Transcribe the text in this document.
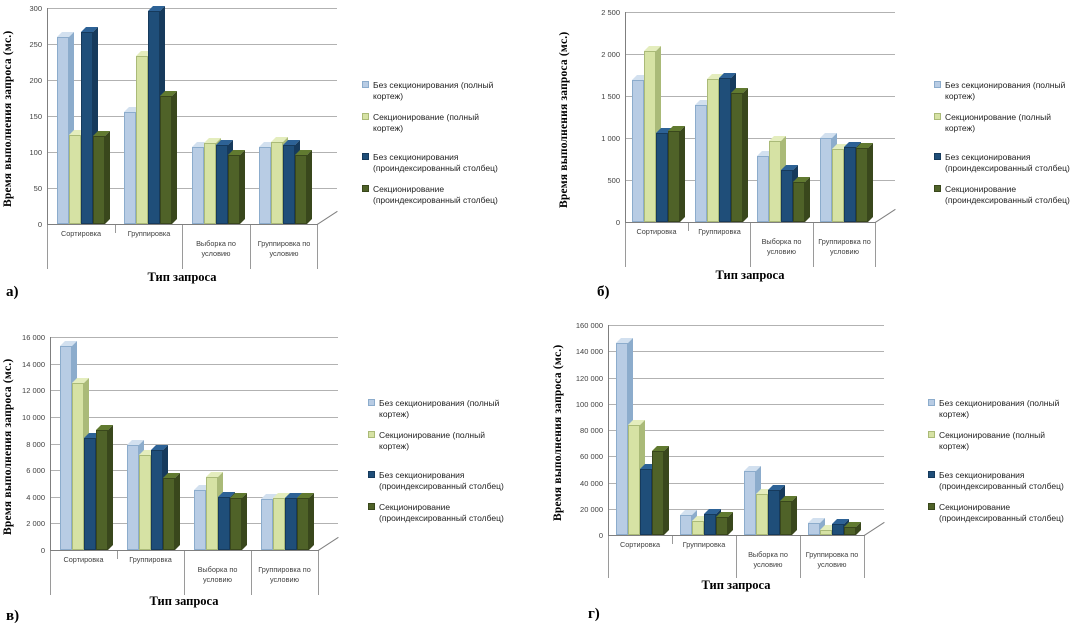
Время выполнения запроса (мс.)
0
50
100
150
200
250
300
Сортировка	Группировка
Выборка по условию
Группировка по условию
Тип запроса
а)
Без секционирования (полный кортеж)
Секционирование (полный кортеж)
Без секционирования (проиндексированный столбец)
Секционирование (проиндексированный столбец)	Время выполнения запроса (мс.)
0
500
1 000
1 500
2 000
2 500
Сортировка	Группировка
Выборка по условию
Группировка по условию
Тип запроса
б)
Без секционирования (полный кортеж)
Секционирование (полный кортеж)
Без секционирования (проиндексированный столбец)
Секционирование (проиндексированный столбец)
Время выполнения запроса (мс.)
0
2 000
4 000
6 000
8 000
10 000
12 000
14 000
16 000
Сортировка	Группировка
Выборка по условию
Группировка по условию
Тип запроса
в)
Без секционирования (полный кортеж)
Секционирование (полный кортеж)
Без секционирования (проиндексированный столбец)
Секционирование (проиндексированный столбец)	Время выполнения запроса (мс.)
0
20 000
40 000
60 000
80 000
100 000
120 000
140 000
160 000
Сортировка	Группировка
Выборка по условию
Группировка по условию
Тип запроса
г)
Без секционирования (полный кортеж)
Секционирование (полный кортеж)
Без секционирования (проиндексированный столбец)
Секционирование (проиндексированный столбец)
